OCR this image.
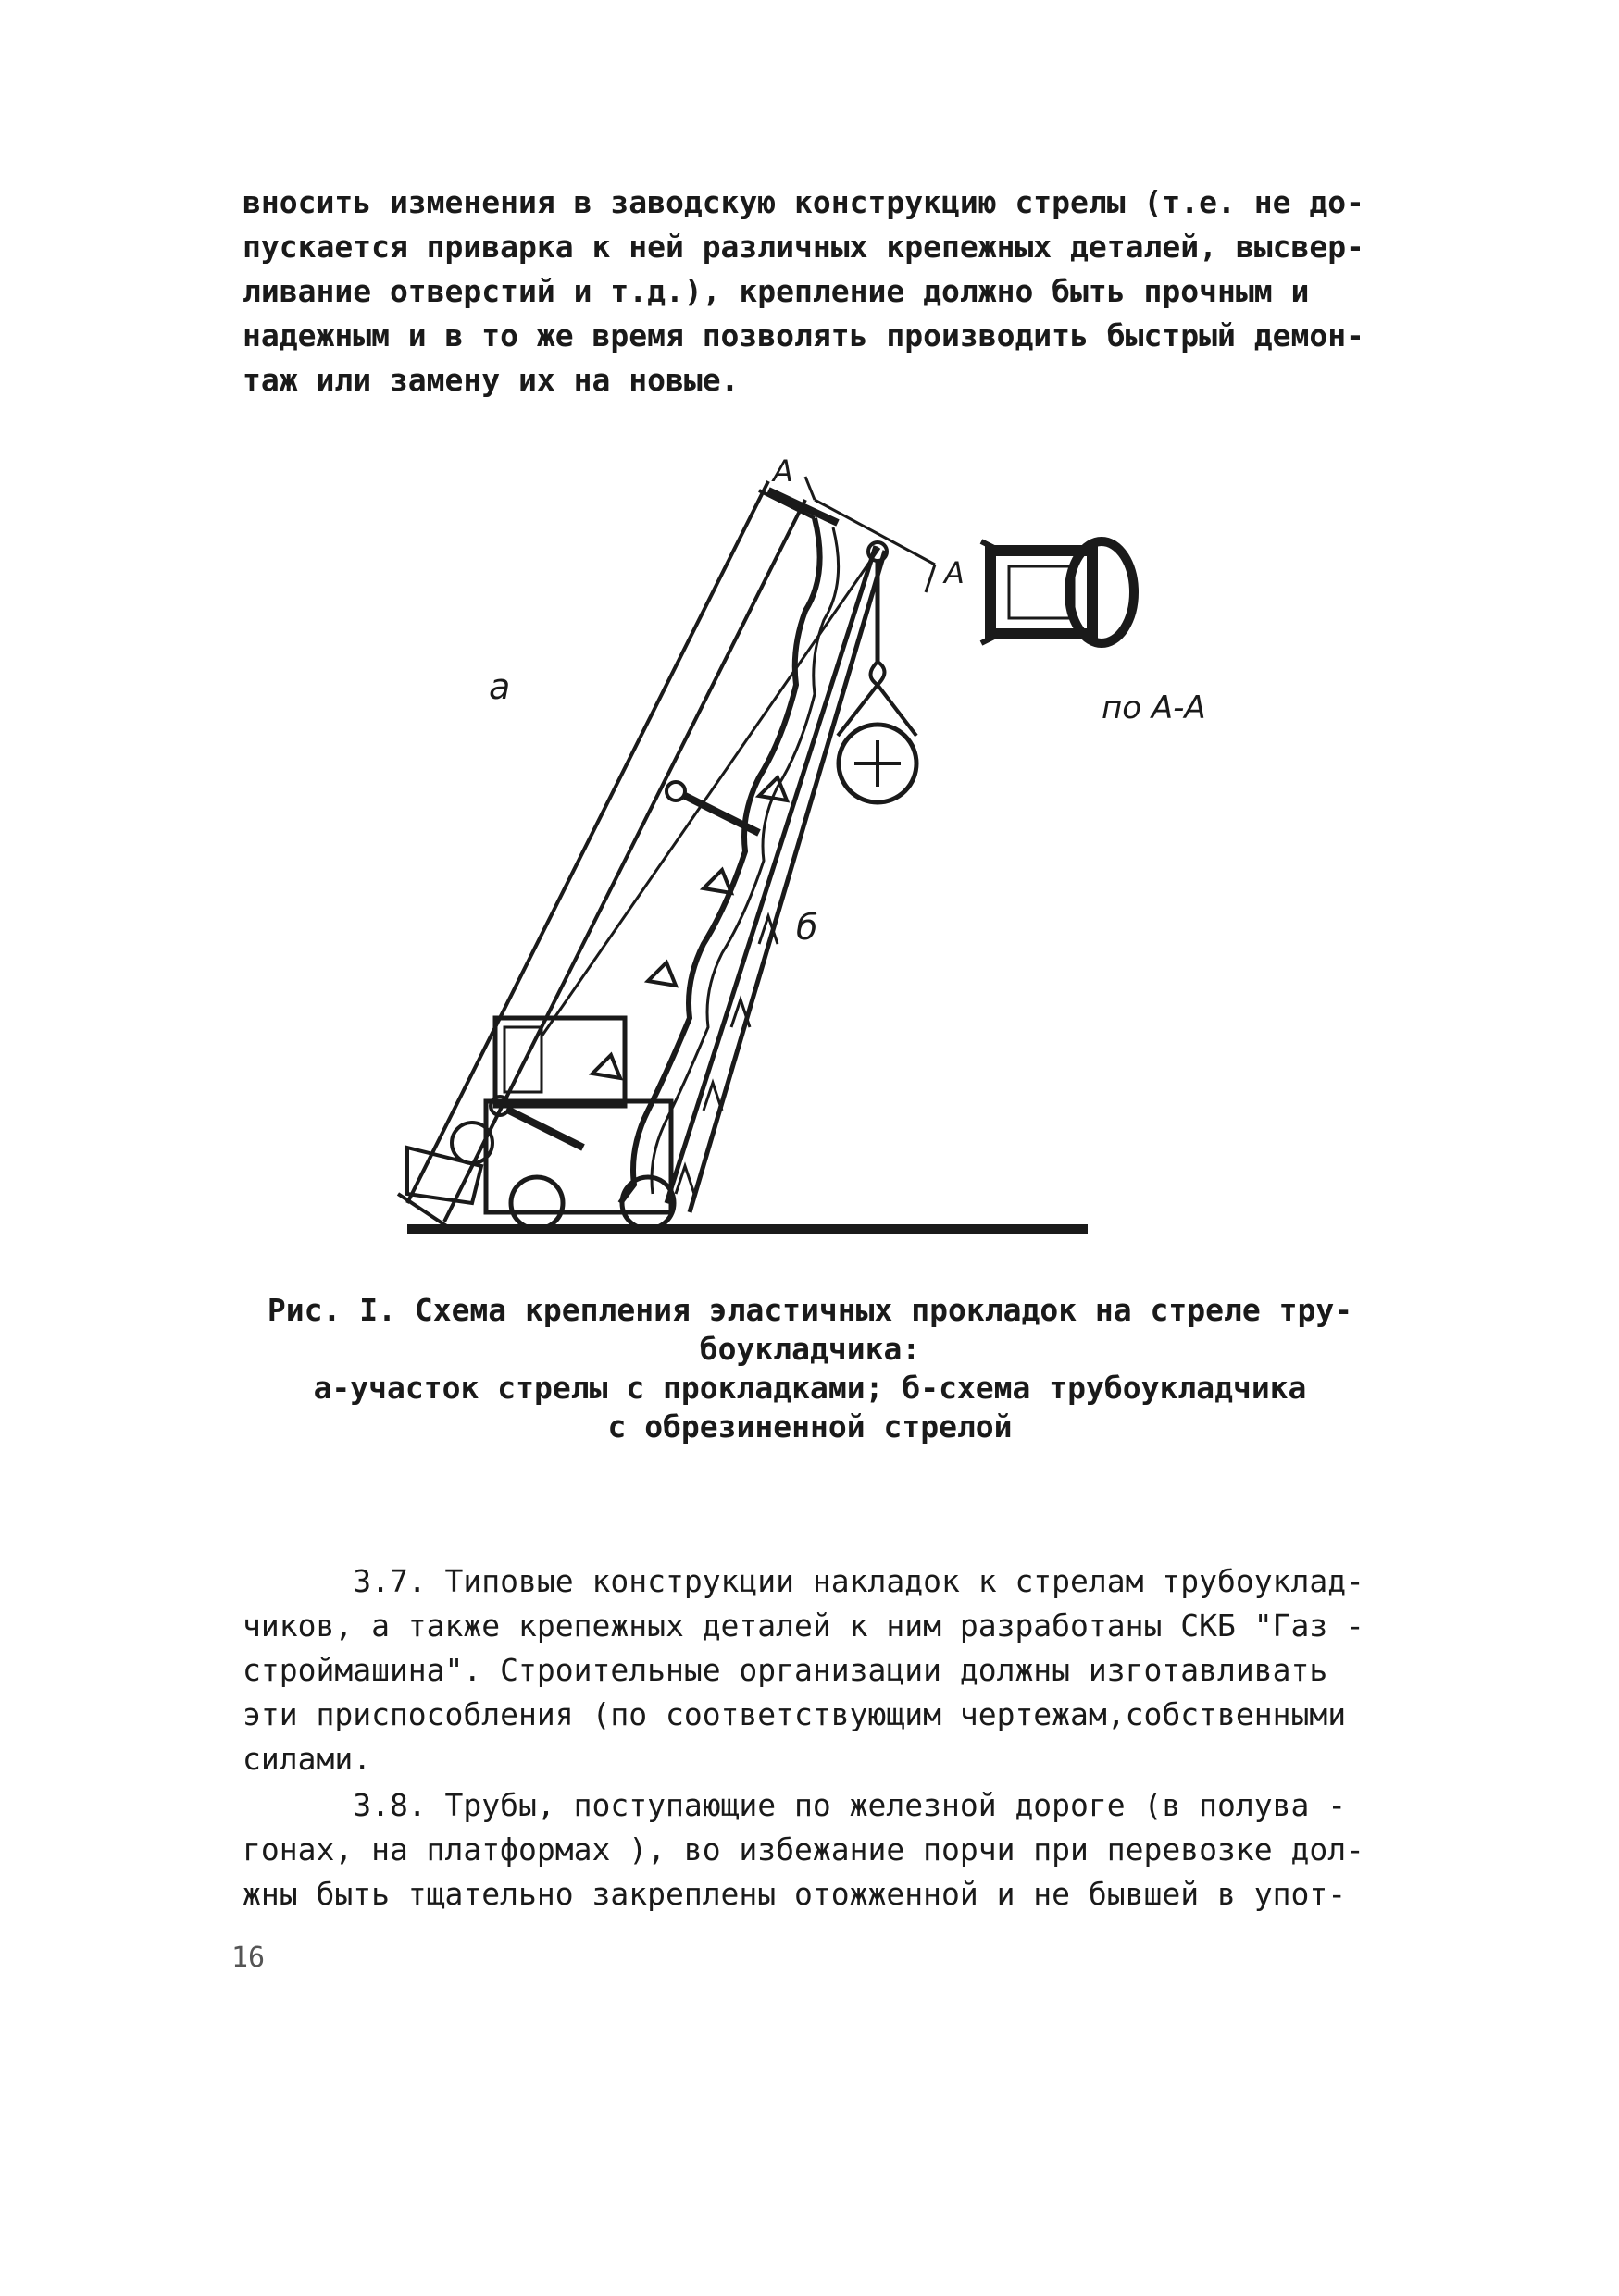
вносить изменения в заводскую конструкцию стрелы (т.е. не до-
пускается приварка к ней различных крепежных деталей, высвер-
ливание отверстий и т.д.), крепление должно быть прочным и
надежным и в то же время позволять производить быстрый демон-
таж или замену их на новые.
а
б
А
А
по А-А
Рис. I. Схема крепления эластичных прокладок на стреле тру-
боукладчика:
а-участок стрелы с прокладками; б-схема трубоукладчика
с обрезиненной стрелой
3.7. Типовые конструкции накладок к стрелам трубоуклад-
чиков, а также крепежных деталей к ним разработаны СКБ "Газ -
строймашина". Строительные организации должны изготавливать
эти приспособления (по соответствующим чертежам,собственными
силами.
3.8. Трубы, поступающие по железной дороге (в полува -
гонах, на платформах ), во избежание порчи при перевозке дол-
жны быть тщательно закреплены отожженной и не бывшей в упот-
16
